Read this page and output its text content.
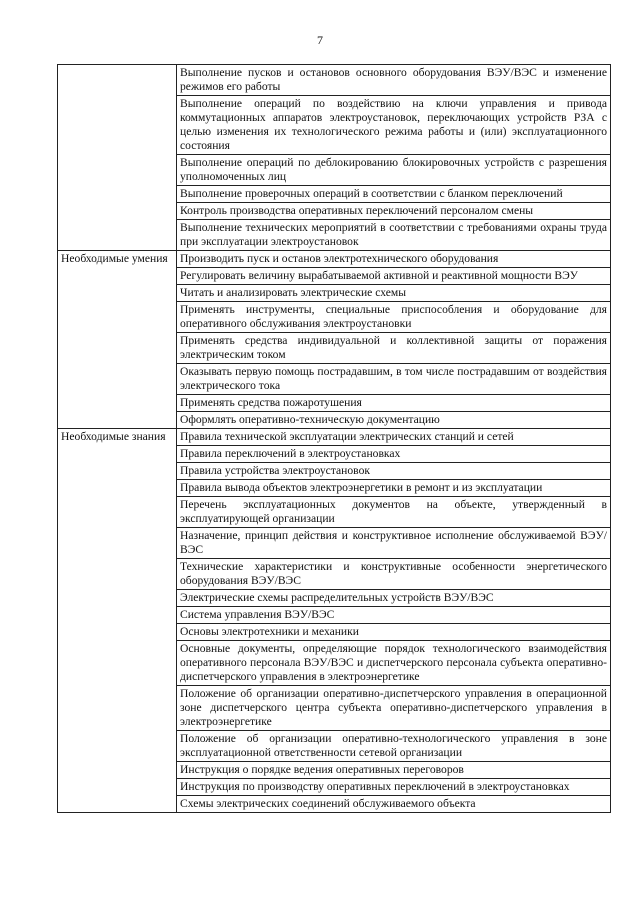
7
	Выполнение пусков и остановов основного оборудования ВЭУ/ВЭС и изменение режимов его работы
	Выполнение операций по воздействию на ключи управления и привода коммутационных аппаратов электроустановок, переключающих устройств РЗА с целью изменения их технологического режима работы и (или) эксплуатационного состояния
	Выполнение операций по деблокированию блокировочных устройств с разрешения уполномоченных лиц
	Выполнение проверочных операций в соответствии с бланком переключений
	Контроль производства оперативных переключений персоналом смены
	Выполнение технических мероприятий в соответствии с требованиями охраны труда при эксплуатации электроустановок
Необходимые умения	Производить пуск и останов электротехнического оборудования
	Регулировать величину вырабатываемой активной и реактивной мощности ВЭУ
	Читать и анализировать электрические схемы
	Применять инструменты, специальные приспособления и оборудование для оперативного обслуживания электроустановки
	Применять средства индивидуальной и коллективной защиты от поражения электрическим током
	Оказывать первую помощь пострадавшим, в том числе пострадавшим от воздействия электрического тока
	Применять средства пожаротушения
	Оформлять оперативно-техническую документацию
Необходимые знания	Правила технической эксплуатации электрических станций и сетей
	Правила переключений в электроустановках
	Правила устройства электроустановок
	Правила вывода объектов электроэнергетики в ремонт и из эксплуатации
	Перечень эксплуатационных документов на объекте, утвержденный в эксплуатирующей организации
	Назначение, принцип действия и конструктивное исполнение обслуживаемой ВЭУ/ВЭС
	Технические характеристики и конструктивные особенности энергетического оборудования ВЭУ/ВЭС
	Электрические схемы распределительных устройств ВЭУ/ВЭС
	Система управления ВЭУ/ВЭС
	Основы электротехники и механики
	Основные документы, определяющие порядок технологического взаимодействия оперативного персонала ВЭУ/ВЭС и диспетчерского персонала субъекта оперативно-диспетчерского управления в электроэнергетике
	Положение об организации оперативно-диспетчерского управления в операционной зоне диспетчерского центра субъекта оперативно-диспетчерского управления в электроэнергетике
	Положение об организации оперативно-технологического управления в зоне эксплуатационной ответственности сетевой организации
	Инструкция о порядке ведения оперативных переговоров
	Инструкция по производству оперативных переключений в электроустановках
	Схемы электрических соединений обслуживаемого объекта
